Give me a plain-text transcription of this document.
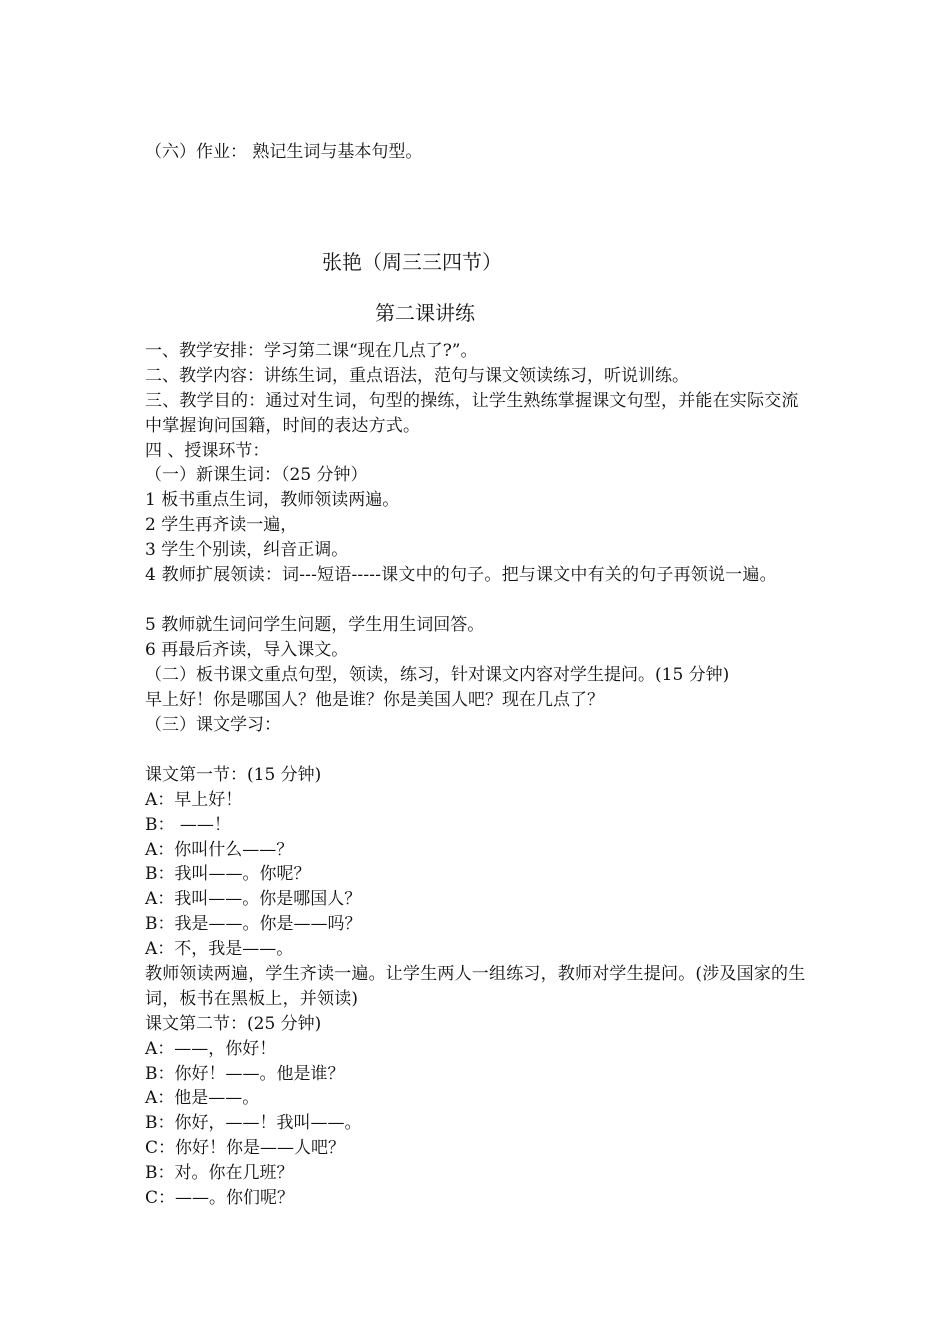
（六）作业： 熟记生词与基本句型。
张艳（周三三四节）
第二课讲练
一、教学安排：学习第二课“现在几点了?”。
二、教学内容：讲练生词，重点语法，范句与课文领读练习，听说训练。
三、教学目的：通过对生词，句型的操练，让学生熟练掌握课文句型，并能在实际交流中掌握询问国籍，时间的表达方式。
四 、授课环节：
（一）新课生词：（25 分钟）
1 板书重点生词，教师领读两遍。
2 学生再齐读一遍，
3 学生个别读，纠音正调。
4 教师扩展领读：词---短语-----课文中的句子。把与课文中有关的句子再领说一遍。
5 教师就生词问学生问题，学生用生词回答。
6 再最后齐读，导入课文。
（二）板书课文重点句型，领读，练习，针对课文内容对学生提问。(15 分钟)
早上好！你是哪国人？他是谁？你是美国人吧？现在几点了？
（三）课文学习：
课文第一节：(15 分钟)
A：早上好！
B： ——！
A：你叫什么——？
B：我叫——。你呢？
A：我叫——。你是哪国人？
B：我是——。你是——吗？
A：不，我是——。
教师领读两遍，学生齐读一遍。让学生两人一组练习，教师对学生提问。(涉及国家的生词，板书在黑板上，并领读)
课文第二节：(25 分钟)
A：——，你好！
B：你好！——。他是谁？
A：他是——。
B：你好，——！我叫——。
C：你好！你是——人吧？
B：对。你在几班？
C：——。你们呢？
